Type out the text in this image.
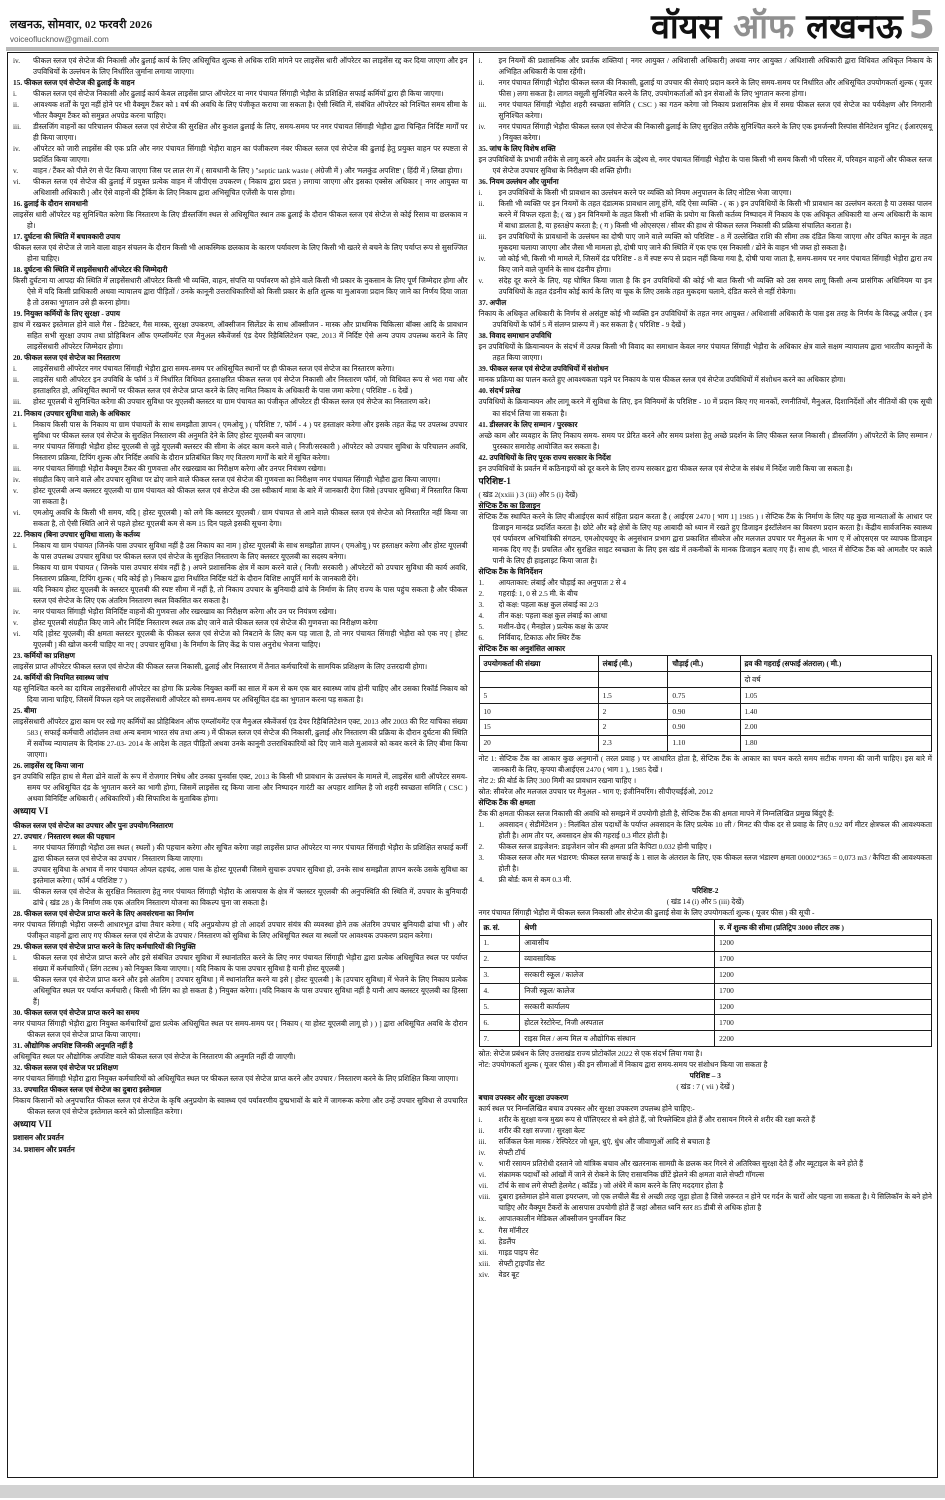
लखनऊ, सोमवार, 02 फरवरी 2026
voiceoflucknow@gmail.com	वॉयस ऑफ लखनऊ 5
iv.	फीकल स्लज एवं सेप्टेज की निकासी और ढुलाई कार्य के लिए अधिसूचित शुल्क से अधिक राशि मांगने पर लाइसेंस धारी ऑपरेटर का लाइसेंस रद्द कर दिया जाएगा और इन उपविधियों के उल्लंघन के लिए निर्धारित जुर्माना लगाया जाएगा।
15. फीकल स्लज एवं सेप्टेज की ढुलाई के वाहन
i.	फीकल स्लज एवं सेप्टेज निकासी और ढुलाई कार्य केवल लाइसेंस प्राप्त ऑपरेटर या नगर पंचायत सिंगाही भेड़ौरा के प्रशिक्षित सफाई कर्मियों द्वारा ही किया जाएगा।
ii.	आवश्यक शर्तों के पूरा नहीं होने पर भी वैक्यूम टैंकर को 1 वर्ष की अवधि के लिए पंजीकृत कराया जा सकता है। ऐसी स्थिति में, संबंधित ऑपरेटर को निश्चित समय सीमा के भीतर वैक्यूम टैंकर को समुन्नत अपग्रेड करना चाहिए।
iii.	डीस्लजिंग वाहनों का परिचालन फीकल स्लज एवं सेप्टेज की सुरक्षित और कुशल ढुलाई के लिए, समय-समय पर नगर पंचायत सिंगाही भेड़ौरा द्वारा चिन्हित निर्दिष्ट मार्गों पर ही किया जाएगा।
iv.	ऑपरेटर को जारी लाइसेंस की एक प्रति और नगर पंचायत सिंगाही भेड़ौरा वाहन का पंजीकरण नंबर फीकल स्लज एवं सेप्टेज की ढुलाई हेतु प्रयुक्त वाहन पर स्पष्टता से प्रदर्शित किया जाएगा।
v.	वाहन / टैंकर को पीले रंग से पेंट किया जाएगा जिस पर लाल रंग में ( सावधानी के लिए ) "septic tank waste ( अंग्रेजी में ) और 'मलकुंड अपशिष्ट' ( हिंदी में ) लिखा होगा।
vi.	फीकल स्लज एवं सेप्टेज की ढुलाई में प्रयुक्त प्रत्येक वाहन में जीपीएस उपकरण ( निकाय द्वारा प्रदत्त ) लगाया जाएगा और इसका एक्सेस अधिकार [ नगर आयुक्त या अधिशासी अधिकारी ] और ऐसे वाहनों की ट्रैकिंग के लिए निकाय द्वारा अभिसूचित एजेंसी के पास होगा।
16. ढुलाई के दौरान सावधानी
लाइसेंस धारी ऑपरेटर यह सुनिश्चित करेगा कि निस्तारण के लिए डीस्लजिंग स्थल से अधिसूचित स्थान तक ढुलाई के दौरान फीकल स्लज एवं सेप्टेज से कोई रिसाव या छलकाव न हो।
17. दुर्घटना की स्थिति में बचावकारी उपाय
फीकल स्लज एवं सेप्टेज ले जाने वाला वाहन संचलन के दौरान किसी भी आकस्मिक छलकाव के कारण पर्यावरण के लिए किसी भी खतरे से बचने के लिए पर्याप्त रूप से सुसज्जित होना चाहिए।
18. दुर्घटना की स्थिति में लाइसेंसधारी ऑपरेटर की जिम्मेदारी
किसी दुर्घटना या आपदा की स्थिति में लाइसेंसधारी ऑपरेटर किसी भी व्यक्ति, वाहन, संपत्ति या पर्यावरण को होने वाले किसी भी प्रकार के नुकसान के लिए पूर्ण जिम्मेदार होगा और ऐसे में यदि किसी प्राधिकारी अथवा न्यायालय द्वारा पीड़ितों / उनके कानूनी उत्तराधिकारियों को किसी प्रकार के क्षति शुल्क या मुआवजा प्रदान किए जाने का निर्णय दिया जाता है तो उसका भुगतान उसे ही करना होगा।
19. नियुक्त कर्मियों के लिए सुरक्षा - उपाय
हाथ में रखकर इस्तेमाल होने वाले गैस - डिटेक्टर, गैस मास्क, सुरक्षा उपकरण, ऑक्सीजन सिलेंडर के साथ ऑक्सीजन - मास्क और प्राथमिक चिकित्सा बॉक्स आदि के प्रावधान सहित सभी सुरक्षा उपाय तथा प्रोहिबिशन ऑफ एम्प्लॉयमेंट एज मैनुअल स्कैवेंजर्स एंड देयर रिहैबिलिटेशन एक्ट, 2013 में निर्दिष्ट ऐसे अन्य उपाय उपलब्ध कराने के लिए लाइसेंसधारी ऑपरेटर जिम्मेदार होगा।
20. फीकल स्लज एवं सेप्टेज का निस्तारण
i.	लाइसेंसधारी ऑपरेटर नगर पंचायत सिंगाही भेड़ौरा द्वारा समय-समय पर अधिसूचित स्थानों पर ही फीकल स्लज एवं सेप्टेज का निस्तारण करेगा।
ii.	लाइसेंस धारी ऑपरेटर इन उपविधि के फॉर्म 3 में निर्धारित विधिवत हस्ताक्षरित फीकल स्लज एवं सेप्टेज निकासी और निस्तारण फॉर्म, जो विधिवत रूप से भरा गया और हस्ताक्षरित हो, अधिसूचित स्थानों पर फीकल स्लज एवं सेप्टेज प्राप्त करने के लिए नामित निकाय के अधिकारी के पास जमा करेगा ( परिशिष्ट - 6 देखें )
iii.	होस्ट यूएलबी ये सुनिश्चित करेगा की उपचार सुविधा पर यूएलबी क्लस्टर या ग्राम पंचायत का पंजीकृत ऑपरेटर ही फीकल स्लज एवं सेप्टेज का निस्तारण करे।
21. निकाय (उपचार सुविधा वाले) के अधिकार
i.	निकाय किसी पास के निकाय या ग्राम पंचायतों के साथ समझौता ज्ञापन ( एमओयू ) ( परिशिष्ट 7, फॉर्म - 4 ) पर हस्ताक्षर करेगा और इसके तहत केंद्र पर उपलब्ध उपचार सुविधा पर फीकल स्लज एवं सेप्टेज के सुरक्षित निस्तारण की अनुमति देने के लिए होस्ट यूएलबी बन जाएगा।
ii.	नगर पंचायत सिंगाही भेड़ौरा होस्ट यूएलबी से जुड़े यूएलबी क्लस्टर की सीमा के अंदर काम करने वाले ( निजी/सरकारी ) ऑपरेटर को उपचार सुविधा के परिचालन अवधि, निस्तारण प्रक्रिया, टिपिंग शुल्क और निर्दिष्ट अवधि के दौरान प्रतिबंधित किए गए वितरण मार्गों के बारे में सूचित करेगा।
iii.	नगर पंचायत सिंगाही भेड़ौरा वैक्यूम टैंकर की गुणवत्ता और रखरखाव का निरीक्षण करेगा और उनपर नियंत्रण रखेगा।
iv.	संग्रहीत किए जाने वाले और उपचार सुविधा पर ढोए जाने वाले फीकल स्लज एवं सेप्टेज की गुणवत्ता का निरीक्षण नगर पंचायत सिंगाही भेड़ौरा द्वारा किया जाएगा।
v.	होस्ट यूएलबी अन्य क्लस्टर यूएलबी या ग्राम पंचायत को फीकल स्लज एवं सेप्टेज की उस स्वीकार्य मात्रा के बारे में जानकारी देगा जिसे [उपचार सुविधा] में निस्तारित किया जा सकता है।
vi.	एमओयू अवधि के किसी भी समय, यदि [ होस्ट यूएलबी ] को लगे कि क्लस्टर यूएलबी / ग्राम पंचायत से आने वाले फीकल स्लज एवं सेप्टेज को निस्तारित नहीं किया जा सकता है, तो ऐसी स्थिति आने से पहले होस्ट यूएलबी कम से कम 15 दिन पहले इसकी सूचना देगा।
22. निकाय (बिना उपचार सुविधा वाला) के कर्तव्य
i.	निकाय या ग्राम पंचायत [जिनके पास उपचार सुविधा नहीं है उस निकाय का नाम ] होस्ट यूएलबी के साथ समझौता ज्ञापन ( एमओयू ) पर हस्ताक्षर करेगा और होस्ट यूएलबी के पास उपलब्ध उपचार सुविधा पर फीकल स्लज एवं सेप्टेज के सुरक्षित निस्तारण के लिए क्लस्टर यूएलबी का सदस्य बनेगा।
ii.	निकाय या ग्राम पंचायत ( जिनके पास उपचार संयंत्र नहीं है ) अपने प्रशासनिक क्षेत्र में काम करने वाले ( निजी/ सरकारी ) ऑपरेटरों को उपचार सुविधा की कार्य अवधि, निस्तारण प्रक्रिया, टिपिंग शुल्क ( यदि कोई हो ) निकाय द्वारा निर्धारित निर्दिष्ट घंटों के दौरान विशिष्ट आपूर्ति मार्ग के जानकारी देंगे।
iii.	यदि निकाय होस्ट यूएलबी के क्लस्टर यूएलबी की स्पष्ट सीमा में नहीं है, तो निकाय उपचार के बुनियादी ढांचे के निर्माण के लिए राज्य के पास पहुंच सकता है और फीकल स्लज एवं सेप्टेज के लिए एक अंतरिम निस्तारण स्थल विकसित कर सकता है।
iv.	नगर पंचायत सिंगाही भेड़ौरा विनिर्दिष्ट वाहनों की गुणवत्ता और रखरखाव का निरीक्षण करेगा और उन पर नियंत्रण रखेगा।
v.	होस्ट यूएलबी संग्रहीत किए जाने और निर्दिष्ट निस्तारण स्थल तक ढोए जाने वाले फीकल स्लज एवं सेप्टेज की गुणवत्ता का निरीक्षण करेगा
vi.	यदि [होस्ट यूएलबी] की क्षमता क्लस्टर यूएलबी के फीकल स्लज एवं सेप्टेज को निबटाने के लिए कम पड़ जाता है, तो नगर पंचायत सिंगाही भेड़ौरा को एक नए [ होस्ट यूएलबी ] की खोज करनी चाहिए या नए [ उपचार सुविधा ] के निर्माण के लिए केंद्र के पास अनुरोध भेजना चाहिए।
23. कर्मियों का प्रशिक्षण
लाइसेंस प्राप्त ऑपरेटर फीकल स्लज एवं सेप्टेज की फीकल स्लज निकासी, ढुलाई और निस्तारण में तैनात कर्मचारियों के सामयिक प्रशिक्षण के लिए उत्तरदायी होगा।
24. कर्मियों की नियमित स्वास्थ्य जांच
यह सुनिश्चित करने का दायित्व लाइसेंसधारी ऑपरेटर का होगा कि प्रत्येक नियुक्त कर्मी का साल में कम से कम एक बार स्वास्थ्य जांच होनी चाहिए और उसका रिकॉर्ड निकाय को दिया जाना चाहिए, जिसमें विफल रहने पर लाइसेंसधारी ऑपरेटर को समय-समय पर अधिसूचित दंड का भुगतान करना पड़ सकता है।
25. बीमा
लाइसेंसधारी ऑपरेटर द्वारा काम पर रखे गए कर्मियों का प्रोहिबिशन ऑफ एम्प्लॉयमेंट एज मैनुअल स्कैवेंजर्स एंड देयर रिहैबिलिटेशन एक्ट, 2013 और 2003 की रिट याचिका संख्या 583 ( सफाई कर्मचारी आंदोलन तथा अन्य बनाम भारत संघ तथा अन्य ) में फीकल स्लज एवं सेप्टेज की निकासी, ढुलाई और निस्तारण की प्रक्रिया के दौरान दुर्घटना की स्थिति में सर्वोच्च न्यायालय के दिनांक 27-03- 2014 के आदेश के तहत पीड़ितों अथवा उनके कानूनी उत्तराधिकारियों को दिए जाने वाले मुआवजे को कवर करने के लिए बीमा किया जाएगा।
26. लाइसेंस रद्द किया जाना
इन उपविधि सहित हाथ से मैला ढोने वालों के रूप में रोजगार निषेध और उनका पुनर्वास एक्ट, 2013 के किसी भी प्रावधान के उल्लंघन के मामले में, लाइसेंस धारी ऑपरेटर समय-समय पर अधिसूचित दंड के भुगतान करने का भागी होगा, जिसमें लाइसेंस रद्द किया जाना और निष्पादन गारंटी का अपहार शामिल है जो शहरी स्वच्छता समिति ( CSC ) अथवा विनिर्दिष्ट अधिकारी ( अधिकारियों ) की सिफारिश के मुताबिक होगा।
अध्याय VI
फीकल स्लज एवं सेप्टेज का उपचार और पुनः उपयोग/निस्तारण
27. उपचार / निस्तारण स्थल की पहचान
i.	नगर पंचायत सिंगाही भेड़ौरा उस स्थल ( स्थलों ) की पहचान करेगा और सूचित करेगा जहां लाइसेंस प्राप्त ऑपरेटर या नगर पंचायत सिंगाही भेड़ौरा के प्रशिक्षित सफाई कर्मी द्वारा फीकल स्लज एवं सेप्टेज का उपचार / निस्तारण किया जाएगा।
ii.	उपचार सुविधा के अभाव में नगर पंचायत ओयल दहचंद, आस पास के होस्ट यूएलबी जिसमे सुचारू उपचार सुविधा हो, उनके साथ समझौता ज्ञापन करके उसके सुविधा का इस्तेमाल करेगा ( फॉर्म 4 परिशिष्ट 7 )
iii.	फीकल स्लज एवं सेप्टेज के सुरक्षित निस्तारण हेतु नगर पंचायत सिंगाही भेड़ौरा के आसपास के क्षेत्र में 'क्लस्टर यूएलबी' की अनुपस्थिति की स्थिति में, उपचार के बुनियादी ढांचे ( खंड 28 ) के निर्माण तक एक अंतरिम निस्तारण योजना का विकल्प चुना जा सकता है।
28. फीकल स्लज एवं सेप्टेज प्राप्त करने के लिए अवसंरचना का निर्माण
नगर पंचायत सिंगाही भेड़ौरा जरूरी आधारभूत ढांचा तैयार करेगा ( यदि अनुप्रयोज्य हो तो आदर्श उपचार संयंत्र की व्यवस्था होने तक अंतरिम उपचार बुनियादी ढांचा भी ) और पंजीकृत वाहनों द्वारा लाए गए फीकल स्लज एवं सेप्टेज के उपचार / निस्तारण को सुविधा के लिए अधिसूचित स्थल या स्थलों पर आवश्यक उपकरण प्रदान करेगा।
29. फीकल स्लज एवं सेप्टेज प्राप्त करने के लिए कर्मचारियों की नियुक्ति
i.	फीकल स्लज एवं सेप्टेज प्राप्त करने और इसे संबंधित उपचार सुविधा में स्थानांतरित करने के लिए नगर पंचायत सिंगाही भेड़ौरा द्वारा प्रत्येक अधिसूचित स्थल पर पर्याप्त संख्या में कर्मचारियों ( लिंग तटस्थ ) को नियुक्त किया जाएगा। [ यदि निकाय के पास उपचार सुविधा है यानी होस्ट यूएलबी ]
ii.	फीकल स्लज एवं सेप्टेज प्राप्त करने और इसे अंतरिम [ उपचार सुविधा ] में स्थानांतरित करने या इसे [ होस्ट यूएलबी ] के [उपचार सुविधा] में भेजने के लिए निकाय प्रत्येक अधिसूचित स्थल पर पर्याप्त कर्मचारी ( किसी भी लिंग का हो सकता है ) नियुक्त करेगा। [यदि निकाय के पास उपचार सुविधा नहीं है यानी आप क्लस्टर यूएलबी का हिस्सा हैं]
30. फीकल स्लज एवं सेप्टेज प्राप्त करने का समय
नगर पंचायत सिंगाही भेड़ौरा द्वारा नियुक्त कर्मचारियों द्वारा प्रत्येक अधिसूचित स्थल पर समय-समय पर [ निकाय ( या होस्ट यूएलबी लागू हो ) ) ] द्वारा अधिसूचित अवधि के दौरान फीकल स्लज एवं सेप्टेज प्राप्त किया जाएगा।
31. औद्योगिक अपशिष्ट जिनकी अनुमति नहीं है
अधिसूचित स्थल पर औद्योगिक अपशिष्ट वाले फीकल स्लज एवं सेप्टेज के निस्तारण की अनुमति नहीं दी जाएगी।
32. फीकल स्लज एवं सेप्टेज पर प्रशिक्षण
नगर पंचायत सिंगाही भेड़ौरा द्वारा नियुक्त कर्मचारियों को अधिसूचित स्थल पर फीकल स्लज एवं सेप्टेज प्राप्त करने और उपचार / निस्तारण करने के लिए प्रशिक्षित किया जाएगा।
33. उपचारित फीकल स्लज एवं सेप्टेज का दुबारा इस्तेमाल
निकाय किसानों को अनुपचारित फीकल स्लज एवं सेप्टेज के कृषि अनुप्रयोग के स्वास्थ्य एवं पर्यावरणीय दुष्प्रभावों के बारे में जागरूक करेगा और उन्हें उपचार सुविधा से उपचारित फीकल स्लज एवं सेप्टेज इस्तेमाल करने को प्रोत्साहित करेगा।
अध्याय VII
प्रशासन और प्रवर्तन
34. प्रशासन और प्रवर्तन
i.	इन नियमों की प्रशासनिक और प्रवर्तक शक्तियां [ नगर आयुक्त / अधिशासी अधिकारी] अथवा नगर आयुक्त / अधिशासी अधिकारी द्वारा विधिवत अधिकृत निकाय के अभिहित अधिकारी के पास रहेंगी।
ii.	नगर पंचायत सिंगाही भेड़ौरा फीकल स्लज की निकासी, ढुलाई या उपचार की सेवाएं प्रदान करने के लिए समय-समय पर निर्धारित और अधिसूचित उपयोगकर्ता शुल्क ( यूजर फीस ) लगा सकता है। लागत वसूली सुनिश्चित करने के लिए, उपयोगकर्ताओं को इन सेवाओं के लिए भुगतान करना होगा।
iii.	नगर पंचायत सिंगाही भेड़ौरा शहरी स्वच्छता समिति ( CSC ) का गठन करेगा जो निकाय प्रशासनिक क्षेत्र में समग्र फीकल स्लज एवं सेप्टेज का पर्यवेक्षण और निगरानी सुनिश्चित करेगा।
iv.	नगर पंचायत सिंगाही भेड़ौरा फीकल स्लज एवं सेप्टेज की निकासी ढुलाई के लिए सुरक्षित तरीके सुनिश्चित करने के लिए एक इमर्जन्सी रिस्पांस सैनिटेशन यूनिट ( ईआरएसयू ) नियुक्त करेगा।
35. जांच के लिए विशेष शक्ति
इन उपविधियों के प्रभावी तरीके से लागू करने और प्रवर्तन के उद्देश्य से, नगर पंचायत सिंगाही भेड़ौरा के पास किसी भी समय किसी भी परिसर में, परिवहन वाहनों और फीकल स्लज एवं सेप्टेज उपचार सुविधा के निरीक्षण की शक्ति होगी।
36. नियम उल्लंघन और जुर्माना
i.	इन उपविधियों के किसी भी प्रावधान का उल्लंघन करने पर व्यक्ति को नियम अनुपालन के लिए नोटिस भेजा जाएगा।
ii.	किसी भी व्यक्ति पर इन नियमों के तहत दंडात्मक प्रावधान लागू होंगे, यदि ऐसा व्यक्ति - ( क ) इन उपविधियों के किसी भी प्रावधान का उल्लंघन करता है या उसका पालन करने में विफल रहता है; ( ख ) इन विनियमों के तहत किसी भी शक्ति के प्रयोग या किसी कर्तव्य निष्पादन में निकाय के एक अधिकृत अधिकारी या अन्य अधिकारी के काम में बाधा डालता है, या हस्तक्षेप करता है; ( ग ) किसी भी ओएसएस / सीवर की हाथ से फीकल स्लज निकासी की प्रक्रिया संचालित कराता है।
iii.	इन उपविधियों के प्रावधानों के उल्लंघन का दोषी पाए जाने वाले व्यक्ति को परिशिष्ट - 8 में उल्लेखित राशि की सीमा तक दंडित किया जाएगा और उचित कानून के तहत मुकदमा चलाया जाएगा और जैसा भी मामला हो, दोषी पाए जाने की स्थिति में एक एफ एस निकासी / ढोने के वाहन भी जब्त हो सकता है।
iv.	जो कोई भी, किसी भी मामले में, जिसमें दंड परिशिष्ट - 8 में स्पष्ट रूप से प्रदान नहीं किया गया है, दोषी पाया जाता है, समय-समय पर नगर पंचायत सिंगाही भेड़ौरा द्वारा तय किए जाने वाले जुर्माने के साथ दंडनीय होगा।
v.	संदेह दूर करने के लिए, यह घोषित किया जाता है कि इन उपविधियों की कोई भी बात किसी भी व्यक्ति को उस समय लागू किसी अन्य प्रासंगिक अधिनियम या इन उपविधियों के तहत दंडनीय कोई कार्य के लिए या चूक के लिए उसके तहत मुकदमा चलाने, दंडित करने से नहीं रोकेगा।
37. अपील
निकाय के अधिकृत अधिकारी के निर्णय से असंतुष्ट कोई भी व्यक्ति इन उपविधियों के तहत नगर आयुक्त / अधिशासी अधिकारी के पास इस तरह के निर्णय के विरुद्ध अपील ( इन उपविधियों के फॉर्म 5 में संलग्न प्रारूप में ) कर सकता है ( परिशिष्ट - 9 देखें )
38. विवाद समाधान उपविधि
इन उपविधियों के क्रियान्वयन के संदर्भ में उत्पन्न किसी भी विवाद का समाधान केवल नगर पंचायत सिंगाही भेड़ौरा के अधिकार क्षेत्र वाले सक्षम न्यायालय द्वारा भारतीय कानूनों के तहत किया जाएगा।
39. फीकल स्लज एवं सेप्टेज उपविधियों में संशोधन
मानक प्रक्रिया का पालन करते हुए आवश्यकता पड़ने पर निकाय के पास फीकल स्लज एवं सेप्टेज उपविधियों में संशोधन करने का अधिकार होगा।
40. संदर्भ प्रलेख
उपविधियों के क्रियान्वयन और लागू करने में सुविधा के लिए, इन विनियमों के परिशिष्ट - 10 में प्रदान किए गए मानकों, रणनीतियों, मैनुअल, दिशानिर्देशों और नीतियों की एक सूची का संदर्भ लिया जा सकता है।
41. डीस्लजर के लिए सम्मान / पुरस्कार
अच्छे काम और व्यवहार के लिए निकाय समय- समय पर प्रेरित करने और समय प्रशंसा हेतु अच्छे प्रदर्शन के लिए फीकल स्लज निकासी ( डीस्लजिंग ) ऑपरेटरों के लिए सम्मान / पुरस्कार समारोह आयोजित कर सकता है।
42. उपविधियों के लिए पूरक राज्य सरकार के निर्देश
इन उपविधियों के प्रवर्तन में कठिनाइयों को दूर करने के लिए राज्य सरकार द्वारा फीकल स्लज एवं सेप्टेज के संबंध में निर्देश जारी किया जा सकता है।
परिशिष्ट-1
( खंड 2(xxiii ) 3 (iii) और 5 (i) देखें)
सेप्टिक टैंक का डिजाइन
सेप्टिक टैंक स्थापित करने के लिए बीआईएस कार्य संहिता प्रदान करता है ( आईएस 2470 [ भाग 1] 1985 ) । सेप्टिक टैंक के निर्माण के लिए यह कुछ मान्यताओं के आधार पर डिजाइन मानदंड प्रदर्शित करता है। छोटे और बड़े क्षेत्रों के लिए यह आबादी को ध्यान में रखते हुए डिजाइन इंस्टॉलेशन का विवरण प्रदान करता है। केंद्रीय सार्वजनिक स्वास्थ्य एवं पर्यावरण अभियांत्रिकी संगठन, एमओएचयूए के अनुसंधान प्रभाग द्वारा प्रकाशित सीवरेज और मलजल उपचार पर मैनुअल के भाग ए में ओएसएस पर व्यापक डिजाइन मानक दिए गए हैं। प्रचलित और सुरक्षित साइट स्वच्छता के लिए इस खंड में तकनीकों के मानक डिजाइन बताए गए हैं। साथ ही, भारत में सेप्टिक टैंक को आमतौर पर काले पानी के लिए ही हाइलाइट किया जाता है।
सेप्टिक टैंक के विनिर्देशन
1.	आयताकार: लंबाई और चौड़ाई का अनुपातः 2 से 4
2.	गहराई: 1, 0 से 2.5 मी. के बीच
3.	दो कक्ष: पहला कक्ष कुल लंबाई का 2/3
4.	तीन कक्ष: पहला कक्ष कुल लंबाई का आधा
5.	मशीन-छेद ( मैनहोल ) प्रत्येक कक्ष के ऊपर
6.	निर्विवाद, टिकाऊ और स्थिर टैंक
सेप्टिक टैंक का अनुशंसित आकार
उपयोगकर्ता की संख्या	लंबाई (मी.)	चौड़ाई (मी.)	द्रव की गहराई (सफाई अंतराल) ( मी.)
			दो वर्ष
5	1.5	0.75	1.05
10	2	0.90	1.40
15	2	0.90	2.00
20	2.3	1.10	1.80
नोट 1: सेप्टिक टैंक का आकार कुछ अनुमानों ( तरल प्रवाह ) पर आधारित होता है, सेप्टिक टैंक के आकार का चयन करते समय सटीक गणना की जानी चाहिए। इस बारे में जानकारी के लिए, कृपया बीआईएस 2470 ( भाग 1 ), 1985 देखें ।
नोट 2: फ्री बोर्ड के लिए 300 मिमी का प्रावधान रखना चाहिए ।
स्रोत: सीवरेज और मलजल उपचार पर मैनुअल - भाग ए; इंजीनियरिंग। सीपीएचईईओ, 2012
सेप्टिक टैंक की क्षमता
टैंक की क्षमता फीकल स्लज निकासी की अवधि को समझने में उपयोगी होती है, सेप्टिक टैंक की क्षमता मापने में निम्नलिखित प्रमुख बिंदुएं हैं:
1.	अवसादन ( सेडीमेंटेशन ) : निलंबित ठोस पदार्थों के पर्याप्त अवसादन के लिए प्रत्येक 10 ली / मिनट की पीक दर से प्रवाह के लिए 0.92 वर्ग मीटर क्षेत्रफल की आवश्यकता होती है। आम तौर पर, अवसादन क्षेत्र की गहराई 0.3 मीटर होती है।
2.	फीकल स्लज डाइजेशन: डाइजेशन जोन की क्षमता प्रति कैपिटा 0.032 होनी चाहिए ।
3.	फीकल स्लज और मल भंडारण: फीकल स्लज सफाई के 1 साल के अंतराल के लिए, एक फीकल स्लज भंडारण क्षमता 00002*365 = 0,073 m3 / कैपिटा की आवश्यकता होती है।
4.	फ्री बोर्ड: कम से कम 0.3 मी.
परिशिष्ट-2
( खंड 14 (i) और 5 (iii) देखें)
नगर पंचायत सिंगाही भेड़ौरा में फीकल स्लज निकासी और सेप्टेज की ढुलाई सेवा के लिए उपयोगकर्ता शुल्क ( यूजर फीस ) की सूची -
क्र. सं.	श्रेणी	रु. में शुल्क की सीमा (प्रतिट्रिप 3000 लीटर तक )
1.	आवासीय	1200
2.	व्यावसायिक	1700
3.	सरकारी स्कूल / कालेज	1200
4.	निजी स्कूल/ कालेज	1700
5.	सरकारी कार्यालय	1200
6.	होटल रेस्टोरेन्ट, निजी अस्पताल	1700
7.	राइस मिल / अन्य मिल य औद्योगिक संस्थान	2200
स्रोत: सेप्टेज प्रबंधन के लिए उत्तराखंड राज्य प्रोटोकॉल 2022 से एक संदर्भ लिया गया है।
नोट: उपयोगकर्ता शुल्क ( यूजर फीस ) की इन सीमाओं में निकाय द्वारा समय-समय पर संशोधन किया जा सकता है
परिशिष्ट – 3
( खंड : 7 ( vii ) देखें )
बचाव उपस्कर और सुरक्षा उपकरण
कार्य स्थल पर निम्नलिखित बचाव उपस्कर और सुरक्षा उपकरण उपलब्ध होने चाहिए:-
i.	शरीर के सुरक्षा यन्त्र मुख्य रूप से पॉलिएस्टर से बने होते हैं, जो रिफ्लेक्टिव होते हैं और रासायन गिरने से शरीर की रक्षा करते हैं
ii.	शरीर की रक्षा सज्जा / सुरक्षा बेल्ट
iii.	सर्जिकल फेस मास्क / रेस्पिरेटर जो धूल, धुएं, धुंध और जीवाणुओं आदि से बचाता है
iv.	सेफ्टी टॉर्च
v.	भारी रसायन प्रतिरोधी दस्ताने जो यांत्रिक बचाव और खतरनाक सामग्री के छलक कर गिरने से अतिरिक्त सुरक्षा देते हैं और ब्यूटाइल के बने होते हैं
vi.	संक्रामक पदार्थों को आंखों में जाने से रोकने के लिए रासायनिक छींटें झेलने की क्षमता वाले सेफ्टी गॉगल्स
vii.	टॉर्च के साथ लगे सेफ्टी हेलमेट ( कॉर्डेड ) जो अंधेरे में काम करने के लिए मददगार होता है
viii.	दुबारा इस्तेमाल होने वाला इयरप्लग, जो एक लचीले बैंड से अच्छी तरह जुड़ा होता है जिसे जरूरत न होने पर गर्दन के चारों ओर पहना जा सकता है। ये सिलिकॉन के बने होने चाहिए और वैक्यूम टैंकरों के आसपास उपयोगी होते हैं जहां औसत ध्वनि स्तर 85 डीबी से अधिक होता है
ix.	आपातकालीन मेडिकल ऑक्सीजन पुनर्जीवन किट
x.	गैस मॉनीटर
xi.	हेडलैंप
xii.	गाइड पाइप सेट
xiii.	सेफ्टी ट्राइपॉड सेट
xiv.	वेडर बूट
